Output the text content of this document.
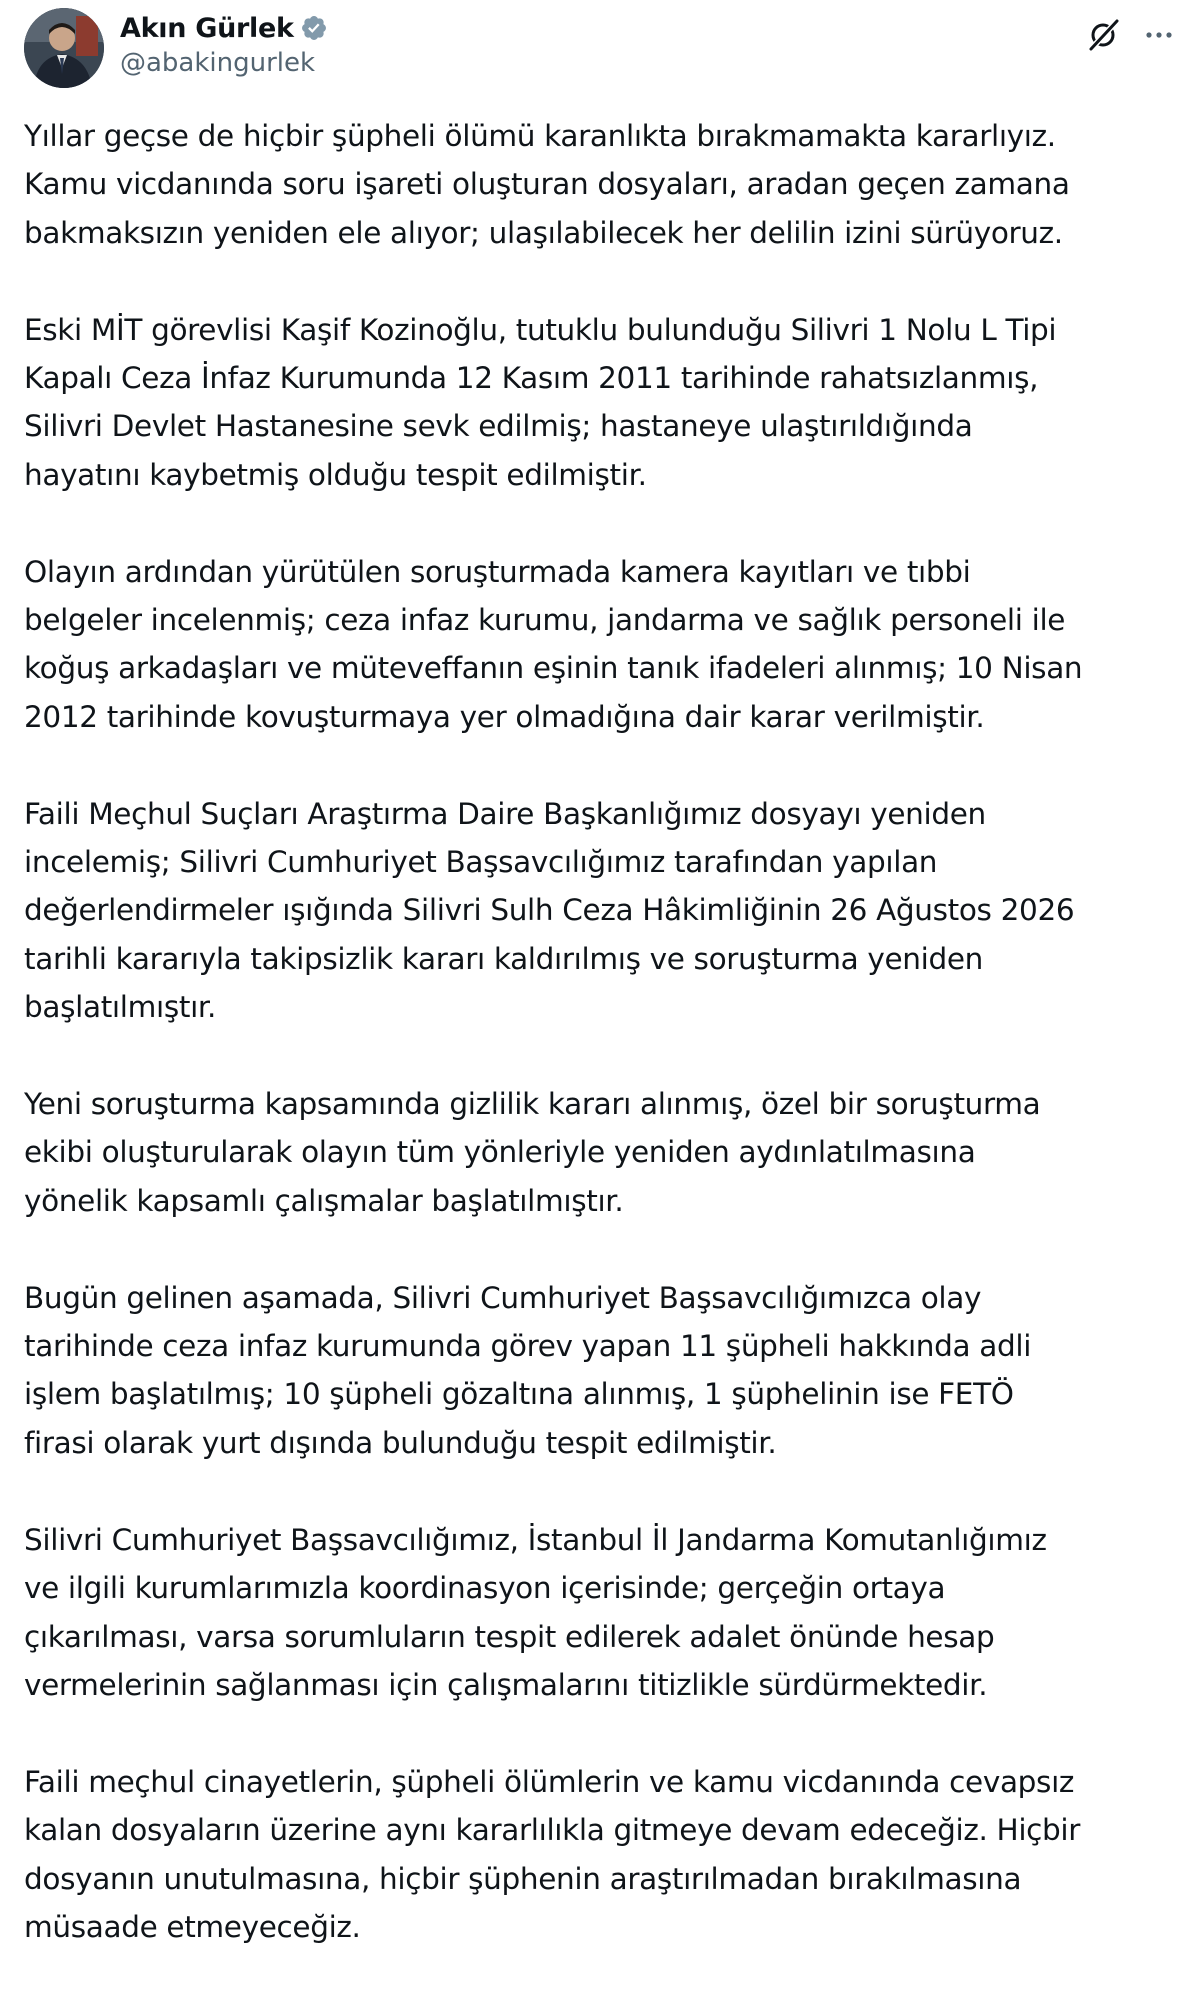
Akın Gürlek
@abakingurlek

Yıllar geçse de hiçbir şüpheli ölümü karanlıkta bırakmamakta kararlıyız.
Kamu vicdanında soru işareti oluşturan dosyaları, aradan geçen zamana
bakmaksızın yeniden ele alıyor; ulaşılabilecek her delilin izini sürüyoruz.

Eski MİT görevlisi Kaşif Kozinoğlu, tutuklu bulunduğu Silivri 1 Nolu L Tipi
Kapalı Ceza İnfaz Kurumunda 12 Kasım 2011 tarihinde rahatsızlanmış,
Silivri Devlet Hastanesine sevk edilmiş; hastaneye ulaştırıldığında
hayatını kaybetmiş olduğu tespit edilmiştir.

Olayın ardından yürütülen soruşturmada kamera kayıtları ve tıbbi
belgeler incelenmiş; ceza infaz kurumu, jandarma ve sağlık personeli ile
koğuş arkadaşları ve müteveffanın eşinin tanık ifadeleri alınmış; 10 Nisan
2012 tarihinde kovuşturmaya yer olmadığına dair karar verilmiştir.

Faili Meçhul Suçları Araştırma Daire Başkanlığımız dosyayı yeniden
incelemiş; Silivri Cumhuriyet Başsavcılığımız tarafından yapılan
değerlendirmeler ışığında Silivri Sulh Ceza Hâkimliğinin 26 Ağustos 2026
tarihli kararıyla takipsizlik kararı kaldırılmış ve soruşturma yeniden
başlatılmıştır.

Yeni soruşturma kapsamında gizlilik kararı alınmış, özel bir soruşturma
ekibi oluşturularak olayın tüm yönleriyle yeniden aydınlatılmasına
yönelik kapsamlı çalışmalar başlatılmıştır.

Bugün gelinen aşamada, Silivri Cumhuriyet Başsavcılığımızca olay
tarihinde ceza infaz kurumunda görev yapan 11 şüpheli hakkında adli
işlem başlatılmış; 10 şüpheli gözaltına alınmış, 1 şüphelinin ise FETÖ
firasi olarak yurt dışında bulunduğu tespit edilmiştir.

Silivri Cumhuriyet Başsavcılığımız, İstanbul İl Jandarma Komutanlığımız
ve ilgili kurumlarımızla koordinasyon içerisinde; gerçeğin ortaya
çıkarılması, varsa sorumluların tespit edilerek adalet önünde hesap
vermelerinin sağlanması için çalışmalarını titizlikle sürdürmektedir.

Faili meçhul cinayetlerin, şüpheli ölümlerin ve kamu vicdanında cevapsız
kalan dosyaların üzerine aynı kararlılıkla gitmeye devam edeceğiz. Hiçbir
dosyanın unutulmasına, hiçbir şüphenin araştırılmadan bırakılmasına
müsaade etmeyeceğiz.
